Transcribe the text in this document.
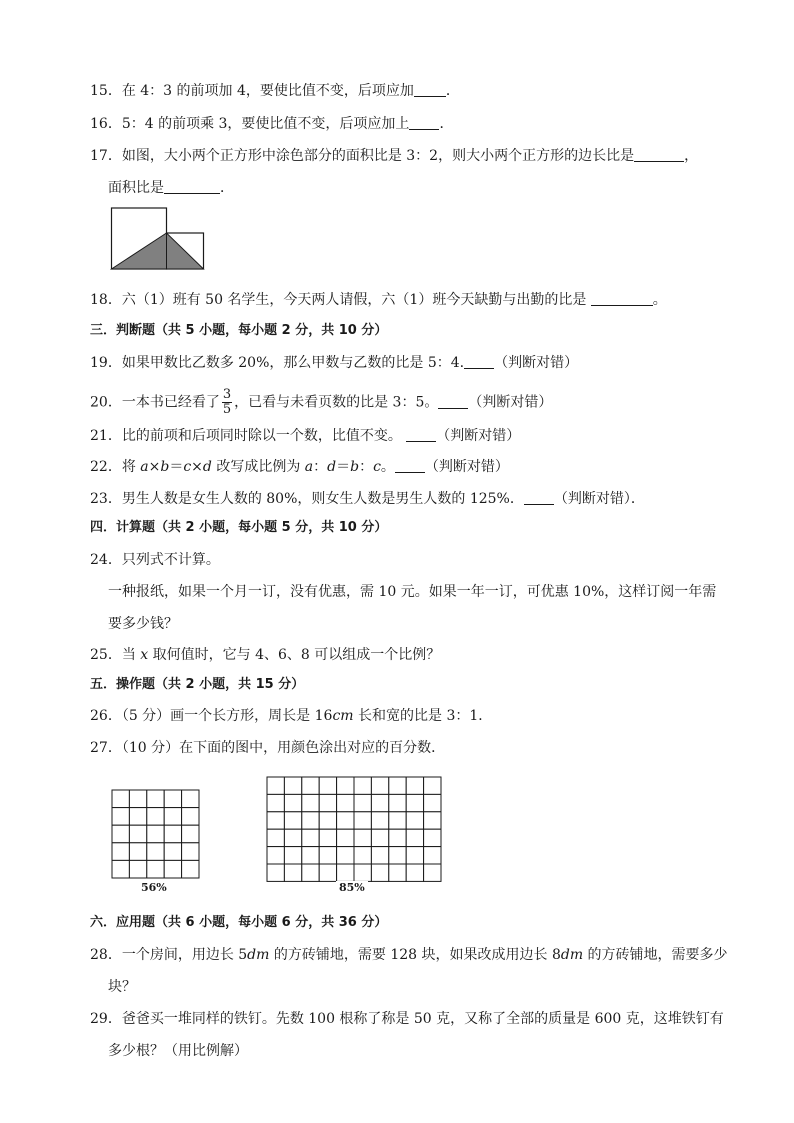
15．在 4：3 的前项加 4，要使比值不变，后项应加 ．
16．5：4 的前项乘 3，要使比值不变，后项应加上 ．
17．如图，大小两个正方形中涂色部分的面积比是 3：2，则大小两个正方形的边长比是	，
面积比是	．
18．六（1）班有 50 名学生，今天两人请假，六（1）班今天缺勤与出勤的比是	。
三．判断题（共 5 小题，每小题 2 分，共 10 分）
19．如果甲数比乙数多 20%，那么甲数与乙数的比是 5：4. （判断对错）
20．一本书已经看了 $\frac{3}{5}$ ，已看与未看页数的比是 3：5。 （判断对错）
21．比的前项和后项同时除以一个数，比值不变。 （判断对错）
22．将 a×b＝c×d 改写成比例为 a：d＝b：c。 （判断对错）
23．男生人数是女生人数的 80%，则女生人数是男生人数的 125%． （判断对错）．
四．计算题（共 2 小题，每小题 5 分，共 10 分）
24．只列式不计算。
一种报纸，如果一个月一订，没有优惠，需 10 元。如果一年一订，可优惠 10%，这样订阅一年需
要多少钱？
25．当 x 取何值时，它与 4、6、8 可以组成一个比例？
五．操作题（共 2 小题，共 15 分）
26．（5 分）画一个长方形，周长是 16cm 长和宽的比是 3：1．
27．（10 分）在下面的图中，用颜色涂出对应的百分数．
56%	85%
六．应用题（共 6 小题，每小题 6 分，共 36 分）
28．一个房间，用边长 5dm 的方砖铺地，需要 128 块，如果改成用边长 8dm 的方砖铺地，需要多少
块？
29．爸爸买一堆同样的铁钉。先数 100 根称了称是 50 克，又称了全部的质量是 600 克，这堆铁钉有
多少根？（用比例解）
